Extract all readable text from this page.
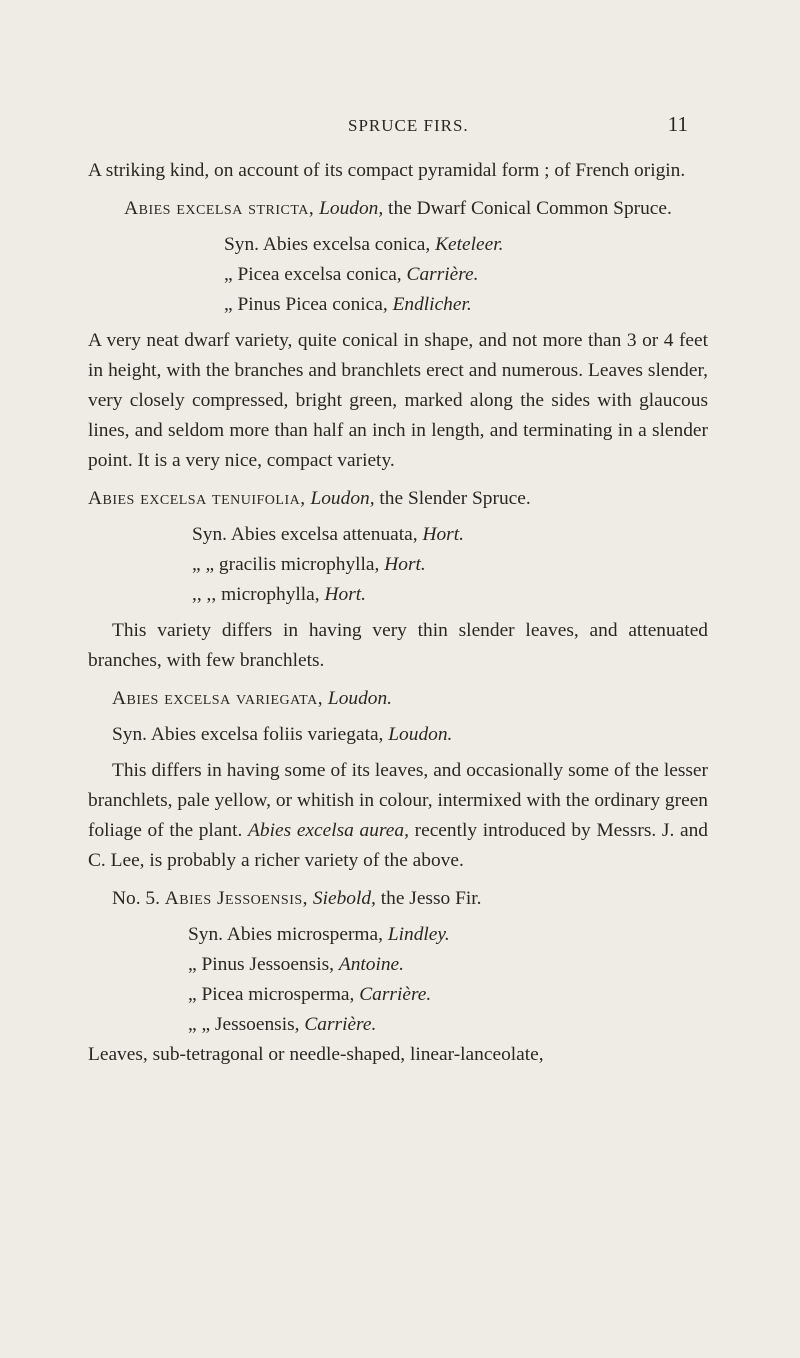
SPRUCE FIRS.	11

A striking kind, on account of its compact pyramidal form ; of French origin.

Abies excelsa stricta, Loudon, the Dwarf Conical Common Spruce.

Syn. Abies excelsa conica, Keteleer.

„ Picea excelsa conica, Carrière.

„ Pinus Picea conica, Endlicher.

A very neat dwarf variety, quite conical in shape, and not more than 3 or 4 feet in height, with the branches and branchlets erect and numerous. Leaves slender, very closely compressed, bright green, marked along the sides with glaucous lines, and seldom more than half an inch in length, and terminating in a slender point. It is a very nice, compact variety.

Abies excelsa tenuifolia, Loudon, the Slender Spruce.

Syn. Abies excelsa attenuata, Hort.

„ „ gracilis microphylla, Hort.

,, ,, microphylla, Hort.

This variety differs in having very thin slender leaves, and attenuated branches, with few branchlets.

Abies excelsa variegata, Loudon.

Syn. Abies excelsa foliis variegata, Loudon.

This differs in having some of its leaves, and occasionally some of the lesser branchlets, pale yellow, or whitish in colour, intermixed with the ordinary green foliage of the plant. Abies excelsa aurea, recently introduced by Messrs. J. and C. Lee, is probably a richer variety of the above.

No. 5. Abies Jessoensis, Siebold, the Jesso Fir.

Syn. Abies microsperma, Lindley.

„ Pinus Jessoensis, Antoine.

„ Picea microsperma, Carrière.

„ „ Jessoensis, Carrière.

Leaves, sub-tetragonal or needle-shaped, linear-lanceolate,
